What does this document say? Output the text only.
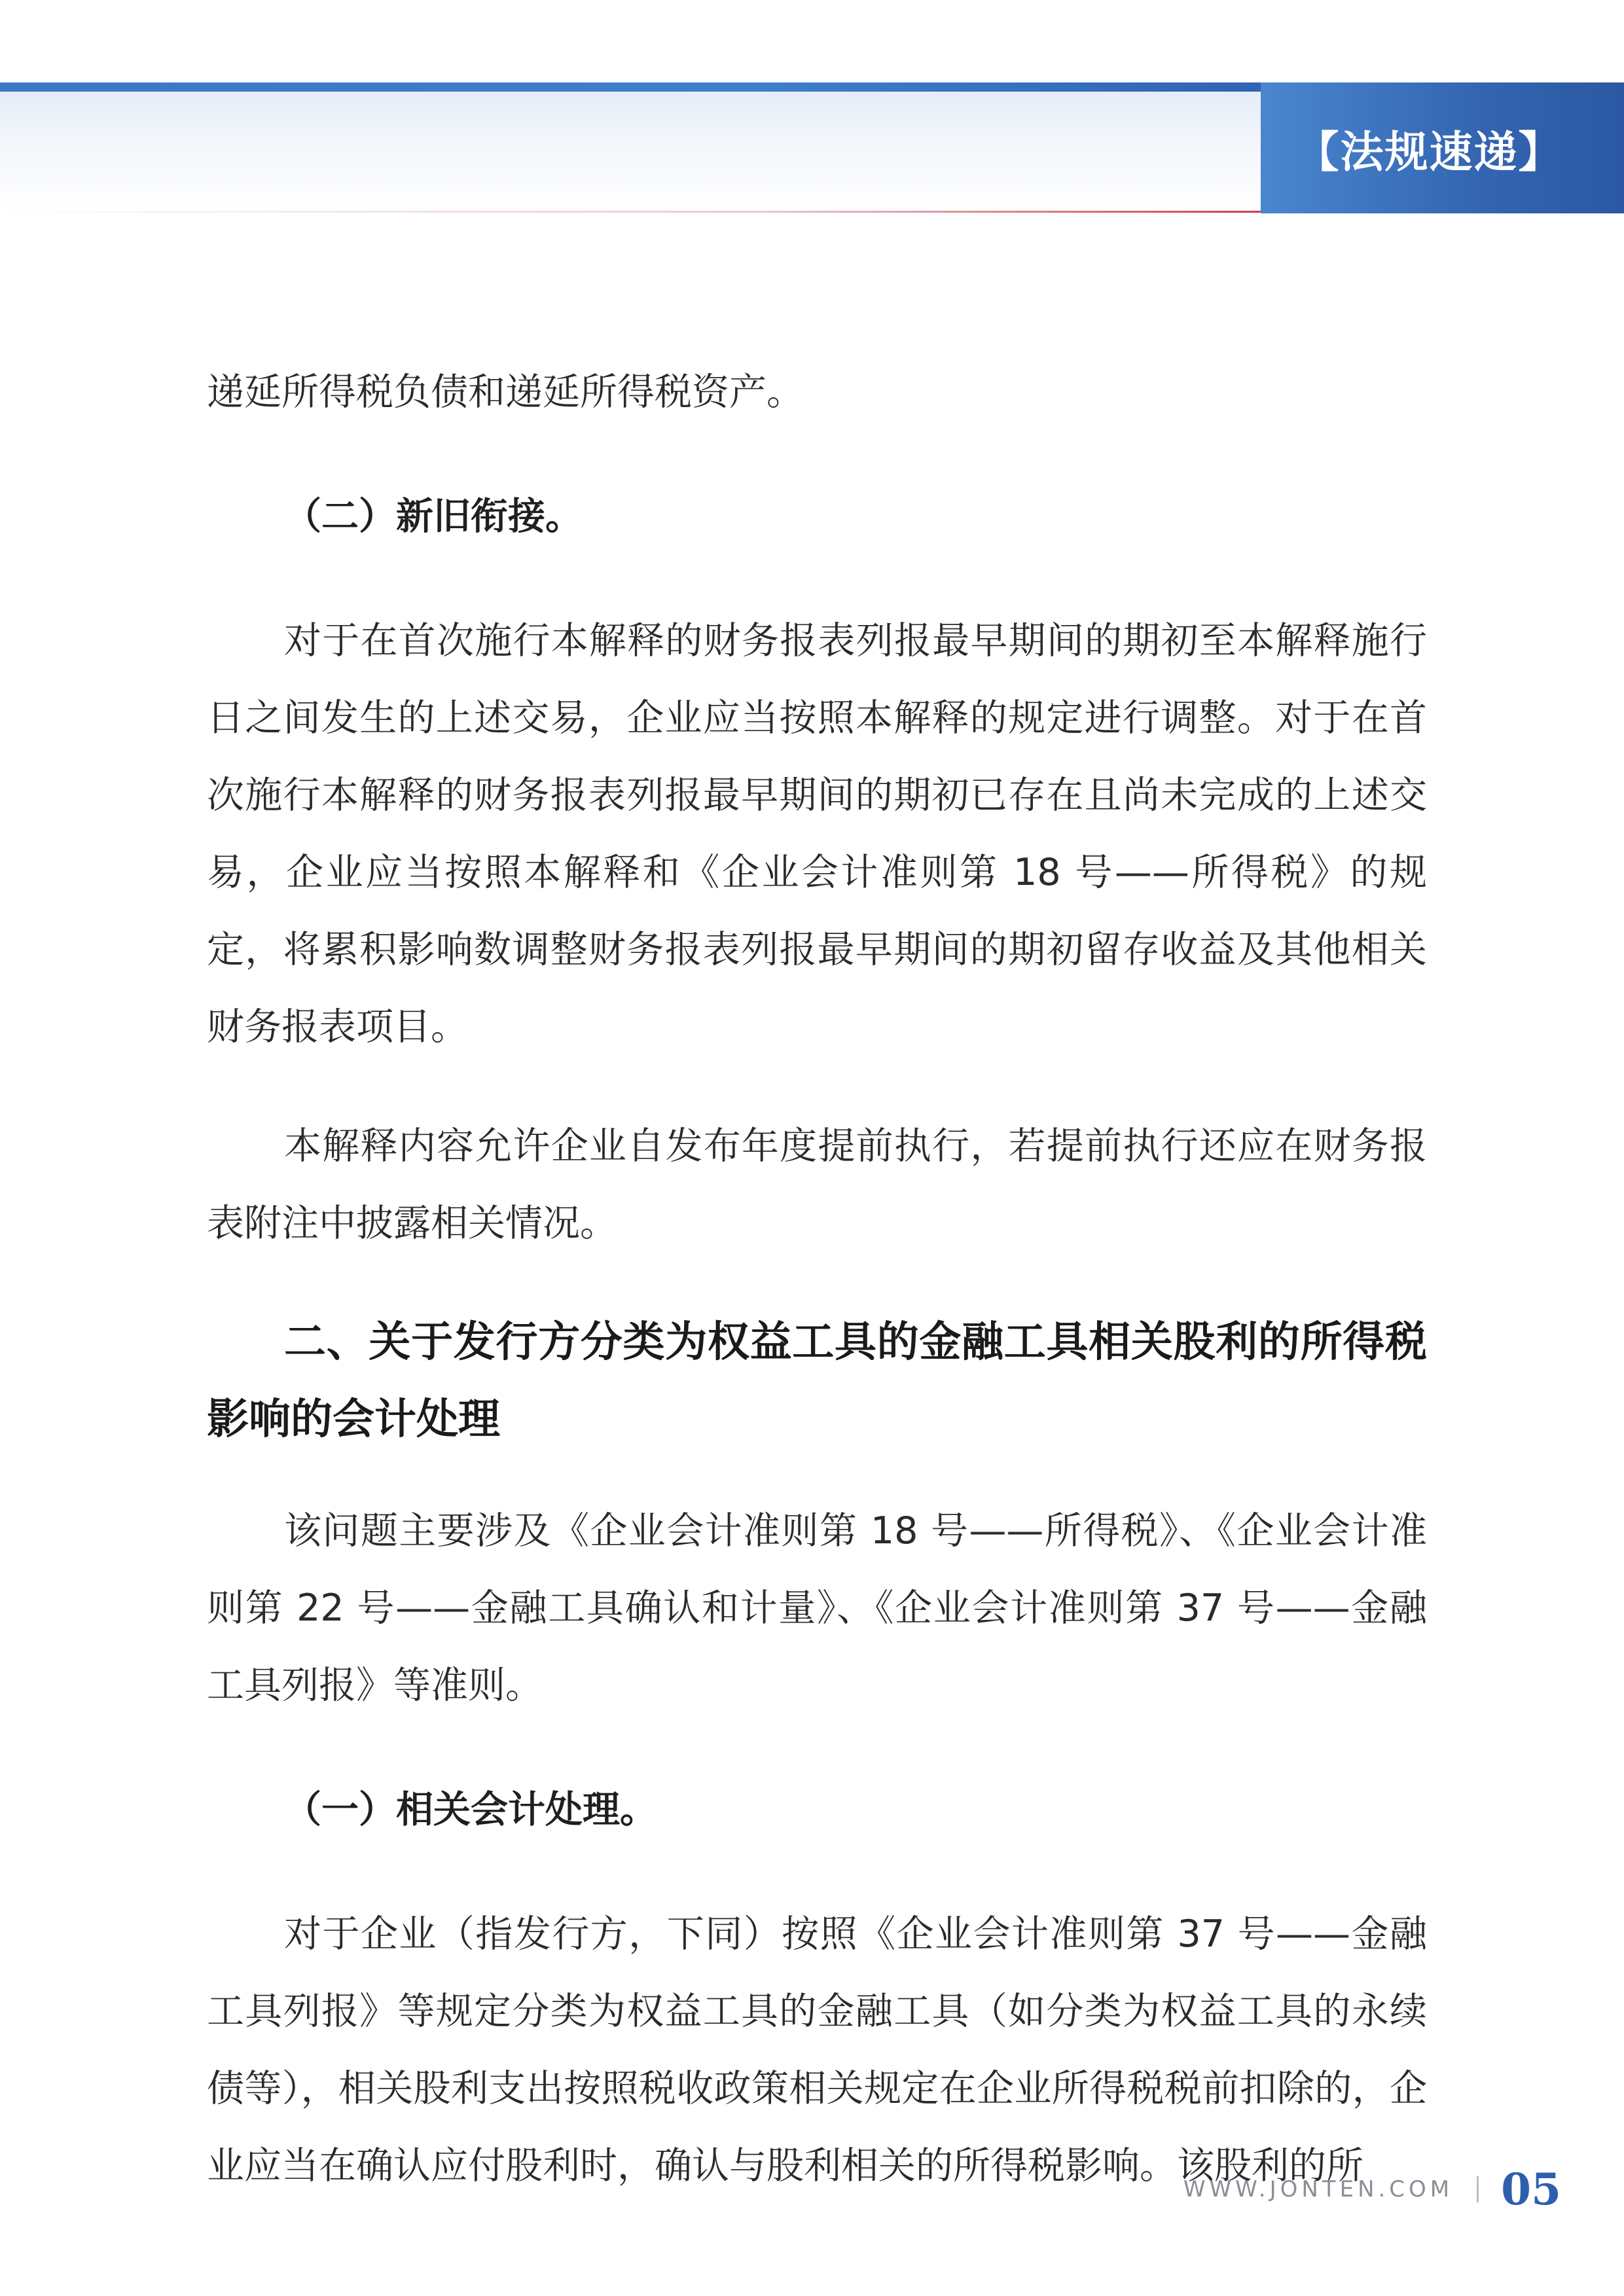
【法规速递】

递延所得税负债和递延所得税资产。

（二）新旧衔接。

对于在首次施行本解释的财务报表列报最早期间的期初至本解释施行日之间发生的上述交易，企业应当按照本解释的规定进行调整。对于在首次施行本解释的财务报表列报最早期间的期初已存在且尚未完成的上述交易，企业应当按照本解释和《企业会计准则第 18 号——所得税》的规定，将累积影响数调整财务报表列报最早期间的期初留存收益及其他相关财务报表项目。

本解释内容允许企业自发布年度提前执行，若提前执行还应在财务报表附注中披露相关情况。

二、关于发行方分类为权益工具的金融工具相关股利的所得税影响的会计处理

该问题主要涉及《企业会计准则第 18 号——所得税》、《企业会计准则第 22 号——金融工具确认和计量》、《企业会计准则第 37 号——金融工具列报》等准则。

（一）相关会计处理。

对于企业（指发行方，下同）按照《企业会计准则第 37 号——金融工具列报》等规定分类为权益工具的金融工具（如分类为权益工具的永续债等），相关股利支出按照税收政策相关规定在企业所得税税前扣除的，企业应当在确认应付股利时，确认与股利相关的所得税影响。该股利的所

WWW.JONTEN.COM 05
